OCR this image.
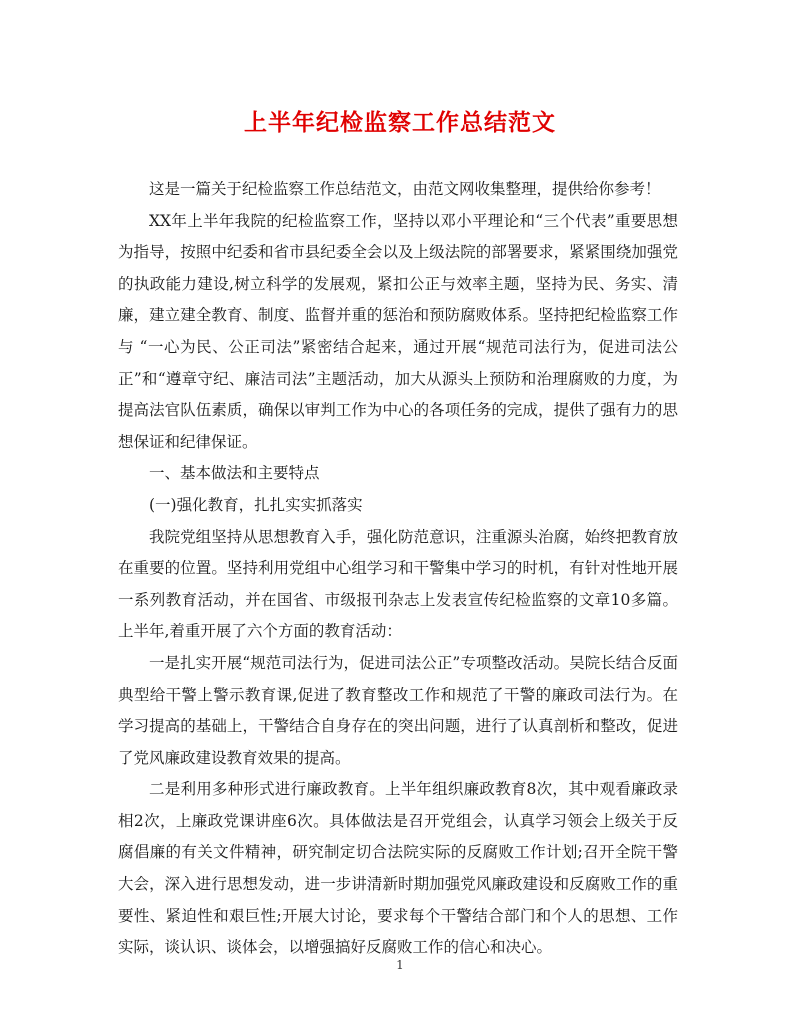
上半年纪检监察工作总结范文

这是一篇关于纪检监察工作总结范文，由范文网收集整理，提供给你参考！

XX年上半年我院的纪检监察工作，坚持以邓小平理论和“三个代表”重要思想为指导，按照中纪委和省市县纪委全会以及上级法院的部署要求，紧紧围绕加强党的执政能力建设,树立科学的发展观，紧扣公正与效率主题，坚持为民、务实、清廉，建立建全教育、制度、监督并重的惩治和预防腐败体系。坚持把纪检监察工作与 “一心为民、公正司法”紧密结合起来，通过开展“规范司法行为，促进司法公正”和“遵章守纪、廉洁司法”主题活动，加大从源头上预防和治理腐败的力度，为提高法官队伍素质，确保以审判工作为中心的各项任务的完成，提供了强有力的思想保证和纪律保证。

一、基本做法和主要特点

(一)强化教育，扎扎实实抓落实

我院党组坚持从思想教育入手，强化防范意识，注重源头治腐，始终把教育放在重要的位置。坚持利用党组中心组学习和干警集中学习的时机，有针对性地开展一系列教育活动，并在国省、市级报刊杂志上发表宣传纪检监察的文章10多篇。上半年,着重开展了六个方面的教育活动：

一是扎实开展“规范司法行为，促进司法公正”专项整改活动。吴院长结合反面典型给干警上警示教育课,促进了教育整改工作和规范了干警的廉政司法行为。在学习提高的基础上，干警结合自身存在的突出问题，进行了认真剖析和整改，促进了党风廉政建设教育效果的提高。

二是利用多种形式进行廉政教育。上半年组织廉政教育8次，其中观看廉政录相2次，上廉政党课讲座6次。具体做法是召开党组会，认真学习领会上级关于反腐倡廉的有关文件精神，研究制定切合法院实际的反腐败工作计划;召开全院干警大会，深入进行思想发动，进一步讲清新时期加强党风廉政建设和反腐败工作的重要性、紧迫性和艰巨性;开展大讨论，要求每个干警结合部门和个人的思想、工作实际，谈认识、谈体会，以增强搞好反腐败工作的信心和决心。

1
